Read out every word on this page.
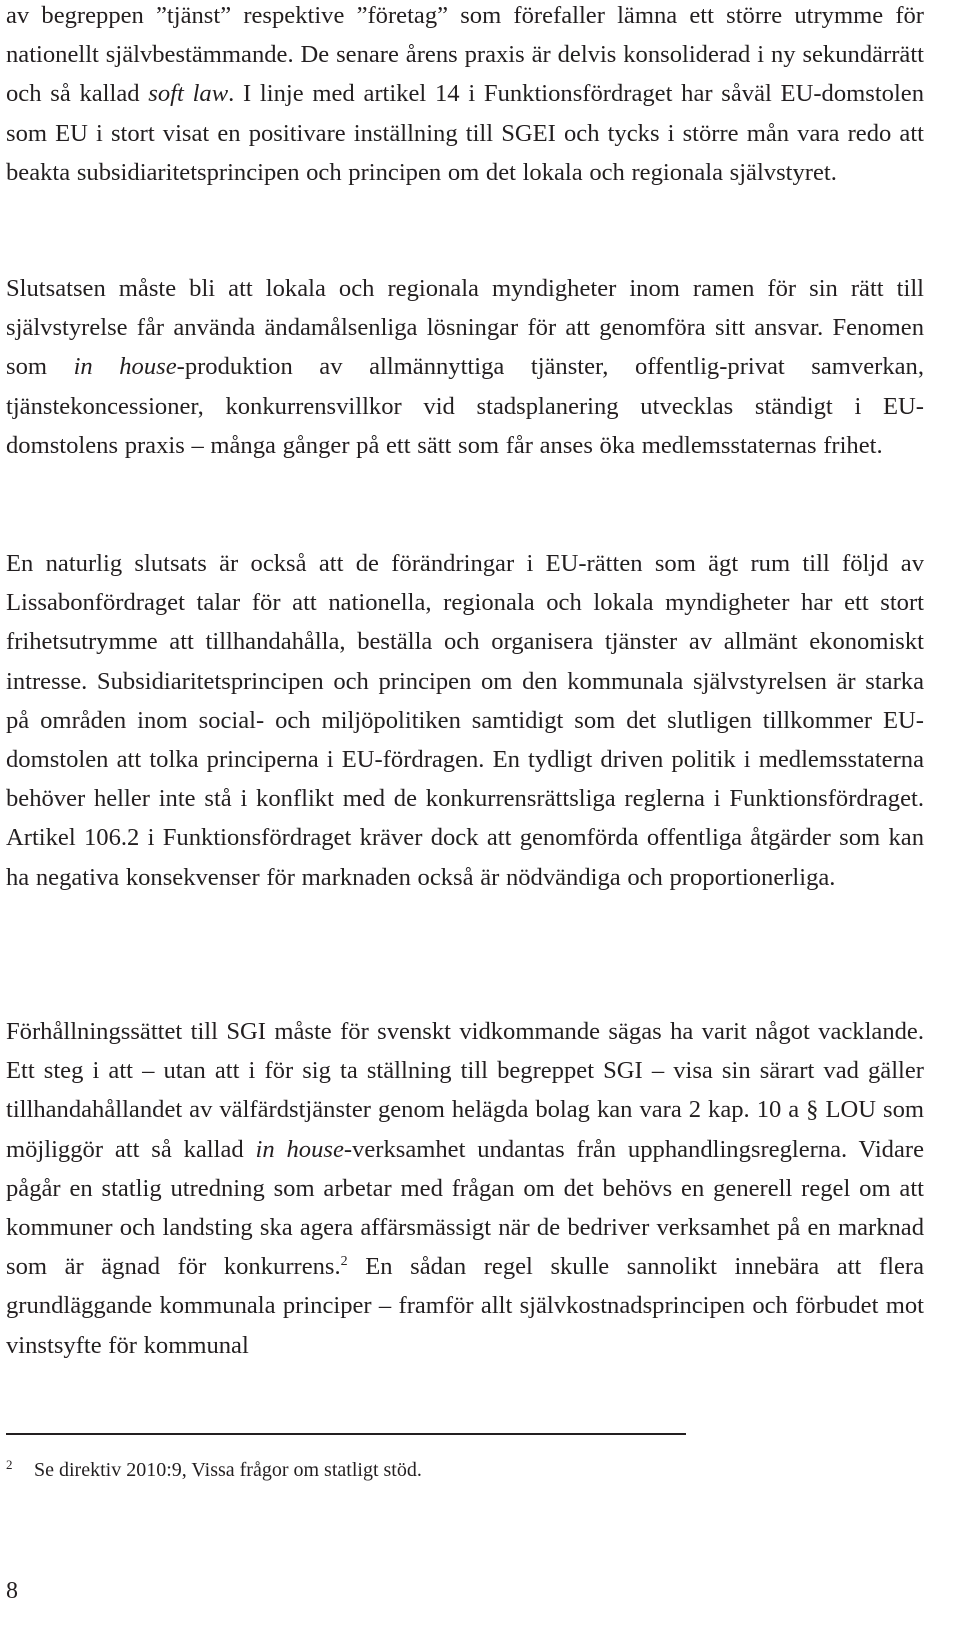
av begreppen ”tjänst” respektive ”företag” som förefaller lämna ett större utrymme för nationellt självbestämmande. De senare årens praxis är delvis konsoliderad i ny sekundärrätt och så kallad soft law. I linje med artikel 14 i Funktionsfördraget har såväl EU-domstolen som EU i stort visat en positivare inställning till SGEI och tycks i större mån vara redo att beakta subsidiaritetsprincipen och principen om det lokala och regionala självstyret.

Slutsatsen måste bli att lokala och regionala myndigheter inom ramen för sin rätt till självstyrelse får använda ändamålsenliga lösningar för att genomföra sitt ansvar. Fenomen som in house-produktion av allmännyttiga tjänster, offentlig-privat samverkan, tjänstekoncessioner, konkurrensvillkor vid stadsplanering utvecklas ständigt i EU-domstolens praxis – många gånger på ett sätt som får anses öka medlemsstaternas frihet.

En naturlig slutsats är också att de förändringar i EU-rätten som ägt rum till följd av Lissabonfördraget talar för att nationella, regionala och lokala myndigheter har ett stort frihetsutrymme att tillhandahålla, beställa och organisera tjänster av allmänt ekonomiskt intresse. Subsidiaritetsprincipen och principen om den kommunala självstyrelsen är starka på områden inom social- och miljöpolitiken samtidigt som det slutligen tillkommer EU-domstolen att tolka principerna i EU-fördragen. En tydligt driven politik i medlemsstaterna behöver heller inte stå i konflikt med de konkurrensrättsliga reglerna i Funktionsfördraget. Artikel 106.2 i Funktionsfördraget kräver dock att genomförda offentliga åtgärder som kan ha negativa konsekvenser för marknaden också är nödvändiga och proportionerliga.

Förhållningssättet till SGI måste för svenskt vidkommande sägas ha varit något vacklande. Ett steg i att – utan att i för sig ta ställning till begreppet SGI – visa sin särart vad gäller tillhandahållandet av välfärdstjänster genom helägda bolag kan vara 2 kap. 10 a § LOU som möjliggör att så kallad in house-verksamhet undantas från upphandlingsreglerna. Vidare pågår en statlig utredning som arbetar med frågan om det behövs en generell regel om att kommuner och landsting ska agera affärsmässigt när de bedriver verksamhet på en marknad som är ägnad för konkurrens.$^2$ En sådan regel skulle sannolikt innebära att flera grundläggande kommunala principer – framför allt självkostnadsprincipen och förbudet mot vinstsyfte för kommunal

2 Se direktiv 2010:9, Vissa frågor om statligt stöd.
8
